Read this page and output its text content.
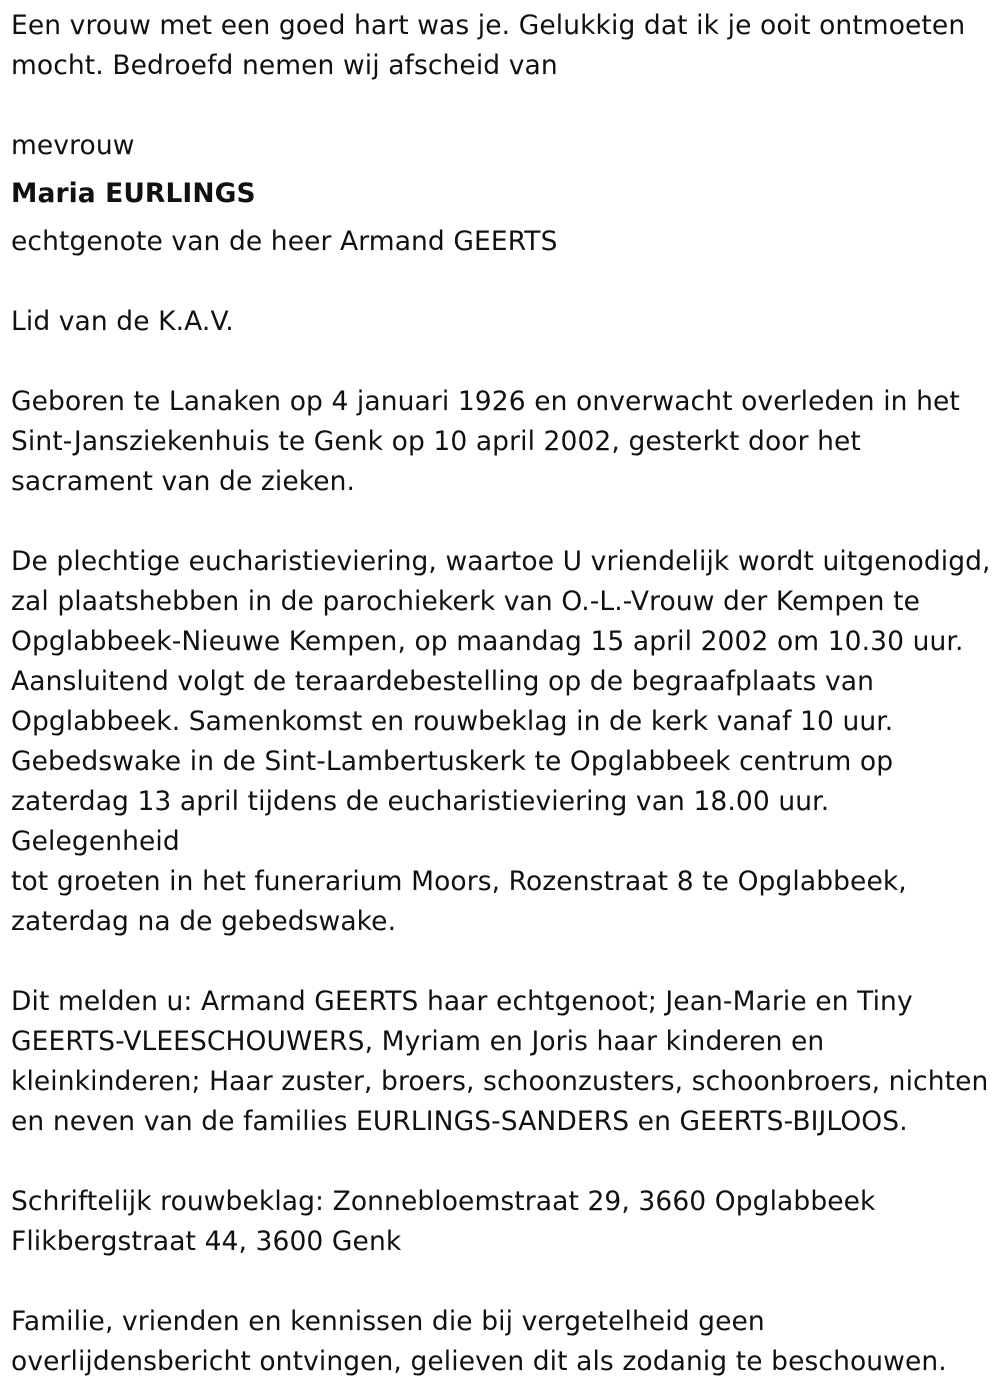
Een vrouw met een goed hart was je. Gelukkig dat ik je ooit ontmoeten
mocht. Bedroefd nemen wij afscheid van

mevrouw

Maria EURLINGS

echtgenote van de heer Armand GEERTS

Lid van de K.A.V.

Geboren te Lanaken op 4 januari 1926 en onverwacht overleden in het
Sint-Jansziekenhuis te Genk op 10 april 2002, gesterkt door het
sacrament van de zieken.

De plechtige eucharistieviering, waartoe U vriendelijk wordt uitgenodigd,
zal plaatshebben in de parochiekerk van O.-L.-Vrouw der Kempen te
Opglabbeek-Nieuwe Kempen, op maandag 15 april 2002 om 10.30 uur.
Aansluitend volgt de teraardebestelling op de begraafplaats van
Opglabbeek. Samenkomst en rouwbeklag in de kerk vanaf 10 uur.
Gebedswake in de Sint-Lambertuskerk te Opglabbeek centrum op
zaterdag 13 april tijdens de eucharistieviering van 18.00 uur. Gelegenheid
tot groeten in het funerarium Moors, Rozenstraat 8 te Opglabbeek,
zaterdag na de gebedswake.

Dit melden u: Armand GEERTS haar echtgenoot; Jean-Marie en Tiny
GEERTS-VLEESCHOUWERS, Myriam en Joris haar kinderen en
kleinkinderen; Haar zuster, broers, schoonzusters, schoonbroers, nichten
en neven van de families EURLINGS-SANDERS en GEERTS-BIJLOOS.

Schriftelijk rouwbeklag: Zonnebloemstraat 29, 3660 Opglabbeek

Flikbergstraat 44, 3600 Genk

Familie, vrienden en kennissen die bij vergetelheid geen
overlijdensbericht ontvingen, gelieven dit als zodanig te beschouwen.
